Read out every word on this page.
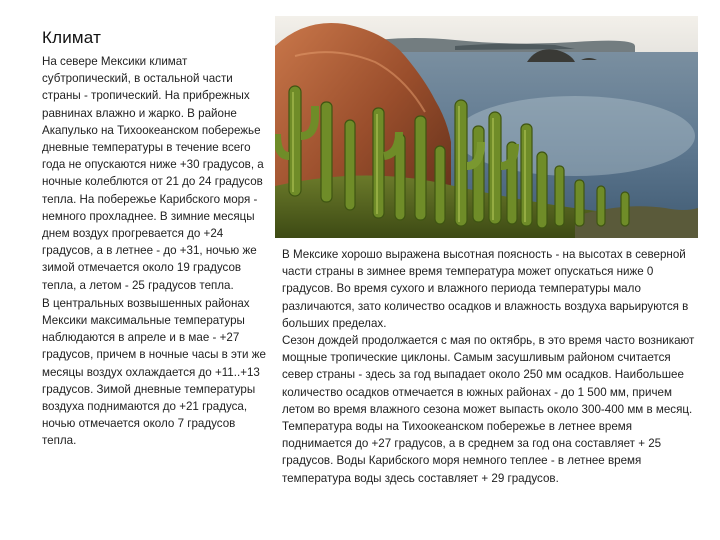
Климат

На севере Мексики климат субтропический, в остальной части страны - тропический. На прибрежных равнинах влажно и жарко. В районе Акапулько на Тихоокеанском побережье дневные температуры в течение всего года не опускаются ниже +30 градусов, а ночные колеблются от 21 до 24 градусов тепла. На побережье Карибского моря - немного прохладнее. В зимние месяцы днем воздух прогревается до +24 градусов, а в летнее - до +31, ночью же зимой отмечается около 19 градусов тепла, а летом - 25 градусов тепла.

В центральных возвышенных районах Мексики максимальные температуры наблюдаются в апреле и в мае - +27 градусов, причем в ночные часы в эти же месяцы воздух охлаждается до +11..+13 градусов. Зимой дневные температуры воздуха поднимаются до +21 градуса, ночью отмечается около 7 градусов тепла.

В Мексике хорошо выражена высотная поясность - на высотах в северной части страны в зимнее время температура может опускаться ниже 0 градусов. Во время сухого и влажного периода температуры мало различаются, зато количество осадков и влажность воздуха варьируются в больших пределах.

Сезон дождей продолжается с мая по октябрь, в это время часто возникают мощные тропические циклоны. Самым засушливым районом считается север страны - здесь за год выпадает около 250 мм осадков. Наибольшее количество осадков отмечается в южных районах - до 1 500 мм, причем летом во время влажного сезона может выпасть около 300-400 мм в месяц.

Температура воды на Тихоокеанском побережье в летнее время поднимается до +27 градусов, а в среднем за год она составляет + 25 градусов. Воды Карибского моря немного теплее - в летнее время температура воды здесь составляет + 29 градусов.
